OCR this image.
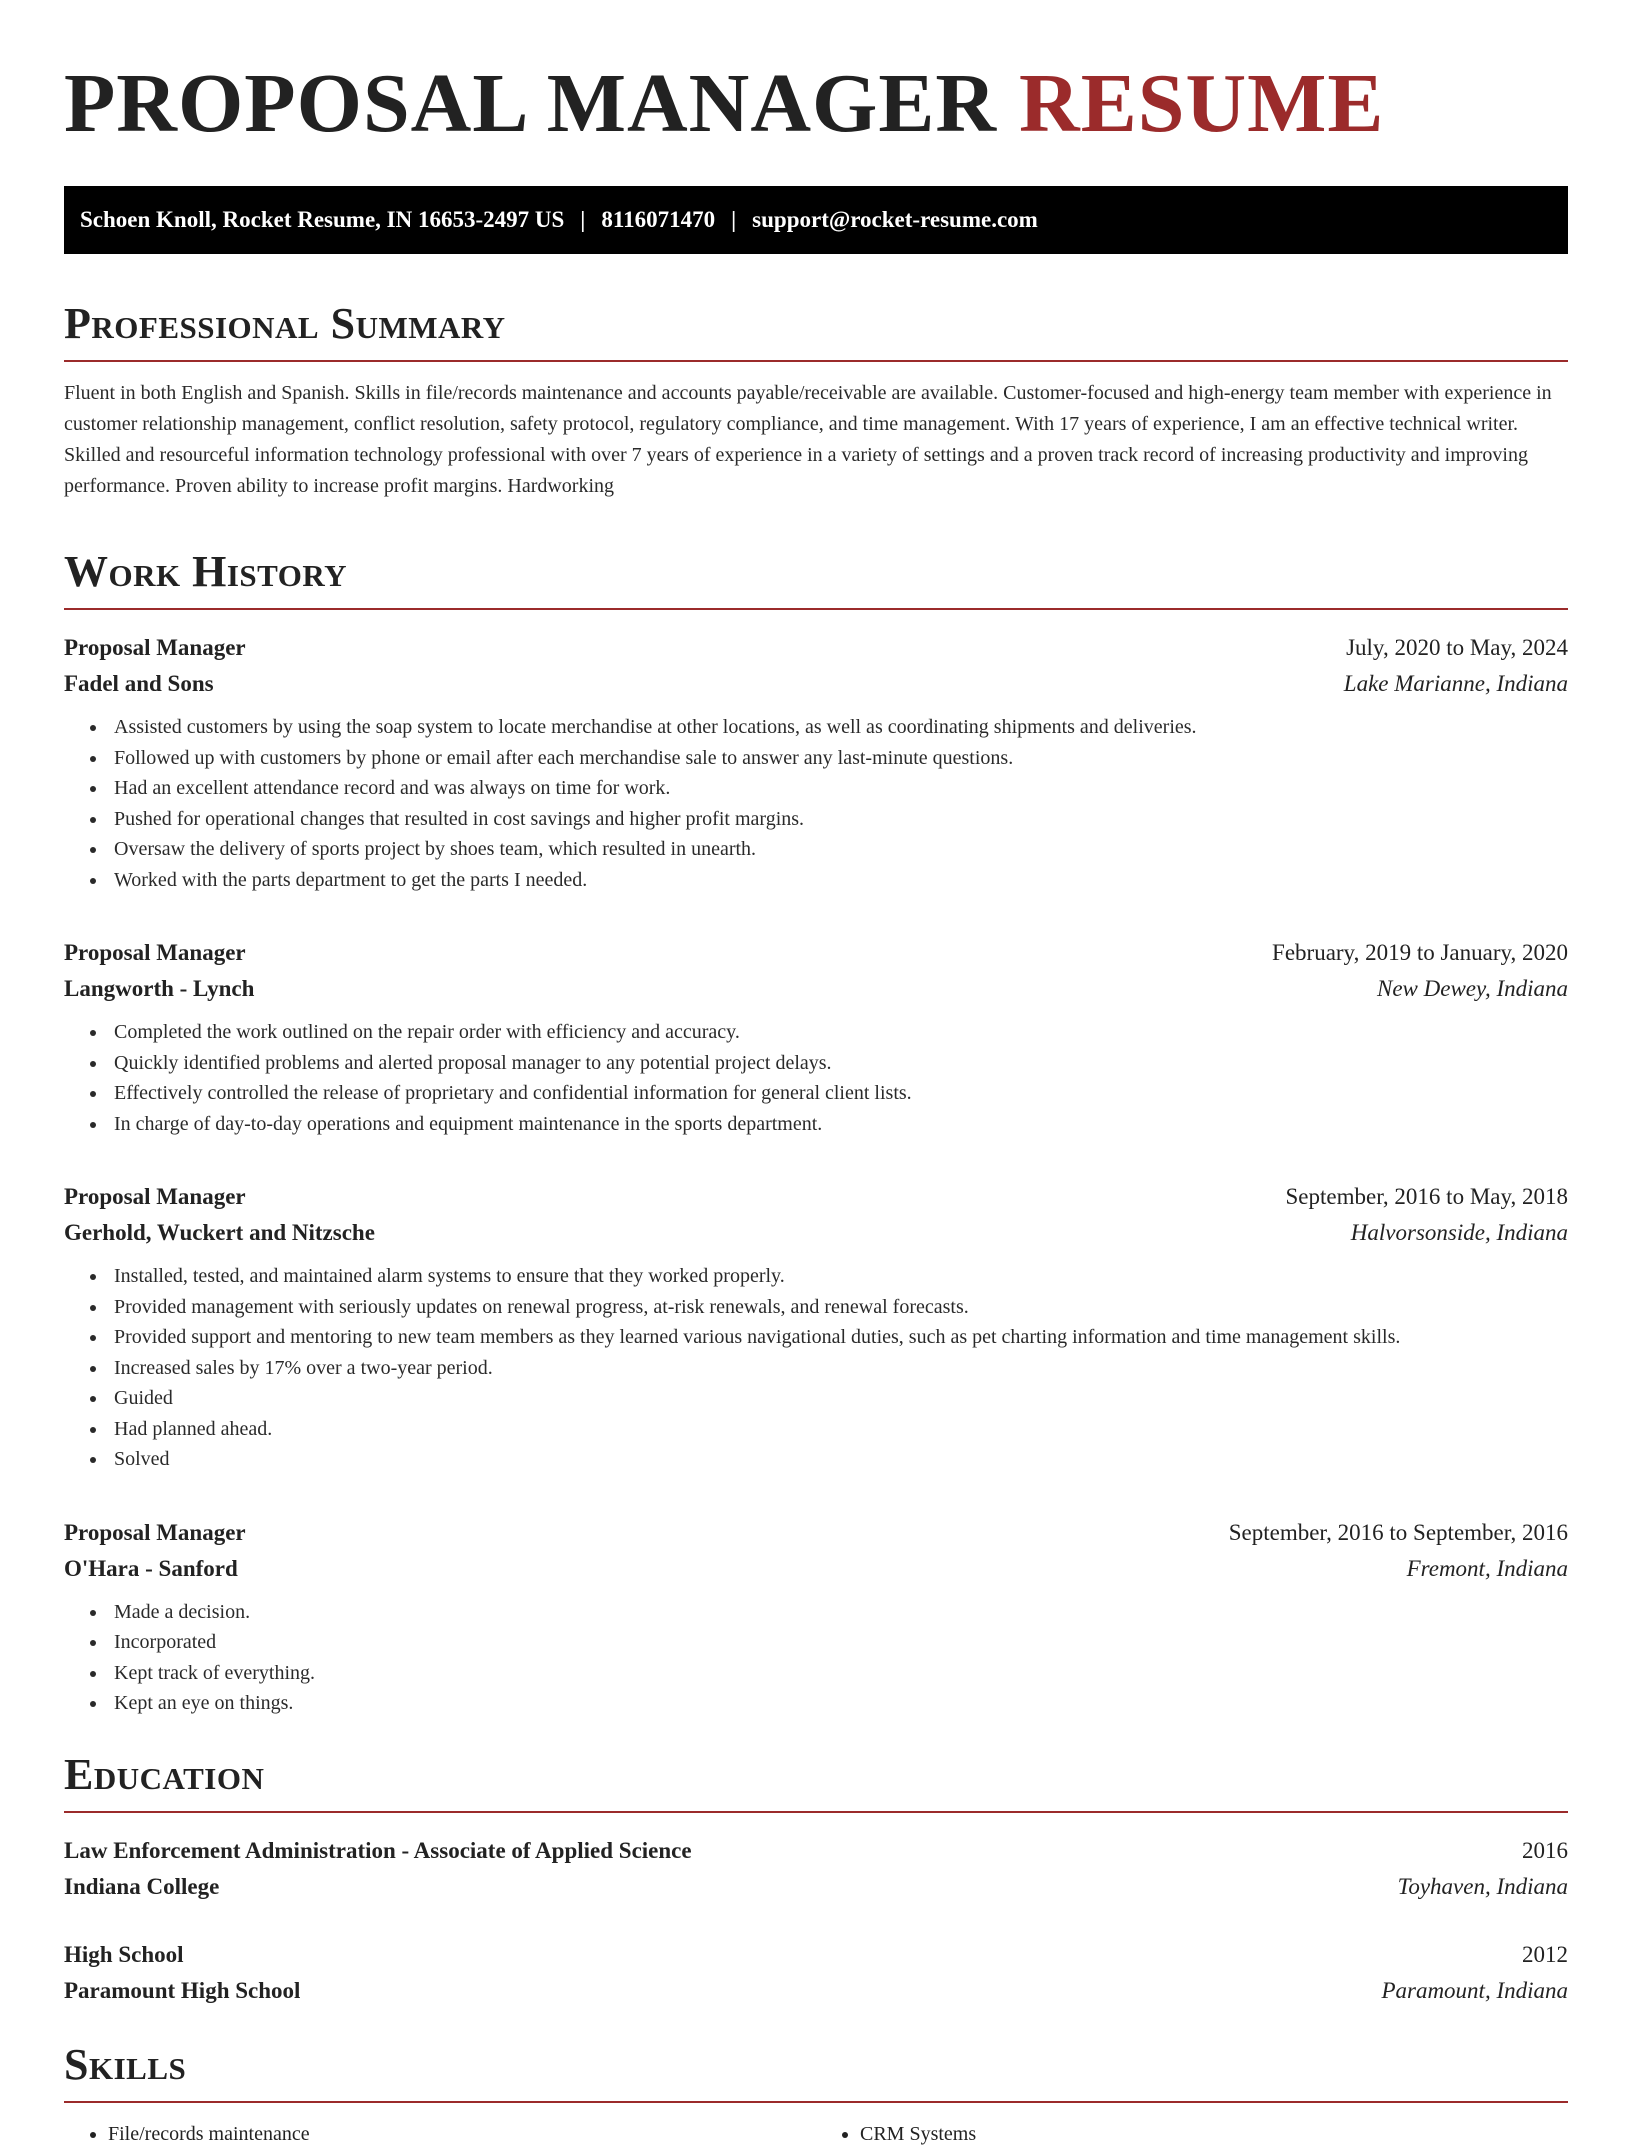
PROPOSAL MANAGER RESUME
Schoen Knoll, Rocket Resume, IN 16653-2497 US | 8116071470 | support@rocket-resume.com
Professional Summary
Fluent in both English and Spanish. Skills in file/records maintenance and accounts payable/receivable are available. Customer-focused and high-energy team member with experience in customer relationship management, conflict resolution, safety protocol, regulatory compliance, and time management. With 17 years of experience, I am an effective technical writer. Skilled and resourceful information technology professional with over 7 years of experience in a variety of settings and a proven track record of increasing productivity and improving performance. Proven ability to increase profit margins. Hardworking
Work History
Proposal Manager	July, 2020 to May, 2024
Fadel and Sons	Lake Marianne, Indiana
• Assisted customers by using the soap system to locate merchandise at other locations, as well as coordinating shipments and deliveries.
• Followed up with customers by phone or email after each merchandise sale to answer any last-minute questions.
• Had an excellent attendance record and was always on time for work.
• Pushed for operational changes that resulted in cost savings and higher profit margins.
• Oversaw the delivery of sports project by shoes team, which resulted in unearth.
• Worked with the parts department to get the parts I needed.
Proposal Manager	February, 2019 to January, 2020
Langworth - Lynch	New Dewey, Indiana
• Completed the work outlined on the repair order with efficiency and accuracy.
• Quickly identified problems and alerted proposal manager to any potential project delays.
• Effectively controlled the release of proprietary and confidential information for general client lists.
• In charge of day-to-day operations and equipment maintenance in the sports department.
Proposal Manager	September, 2016 to May, 2018
Gerhold, Wuckert and Nitzsche	Halvorsonside, Indiana
• Installed, tested, and maintained alarm systems to ensure that they worked properly.
• Provided management with seriously updates on renewal progress, at-risk renewals, and renewal forecasts.
• Provided support and mentoring to new team members as they learned various navigational duties, such as pet charting information and time management skills.
• Increased sales by 17% over a two-year period.
• Guided
• Had planned ahead.
• Solved
Proposal Manager	September, 2016 to September, 2016
O'Hara - Sanford	Fremont, Indiana
• Made a decision.
• Incorporated
• Kept track of everything.
• Kept an eye on things.
Education
Law Enforcement Administration - Associate of Applied Science	2016
Indiana College	Toyhaven, Indiana
High School	2012
Paramount High School	Paramount, Indiana
Skills
• File/records maintenance
•	CRM Systems
